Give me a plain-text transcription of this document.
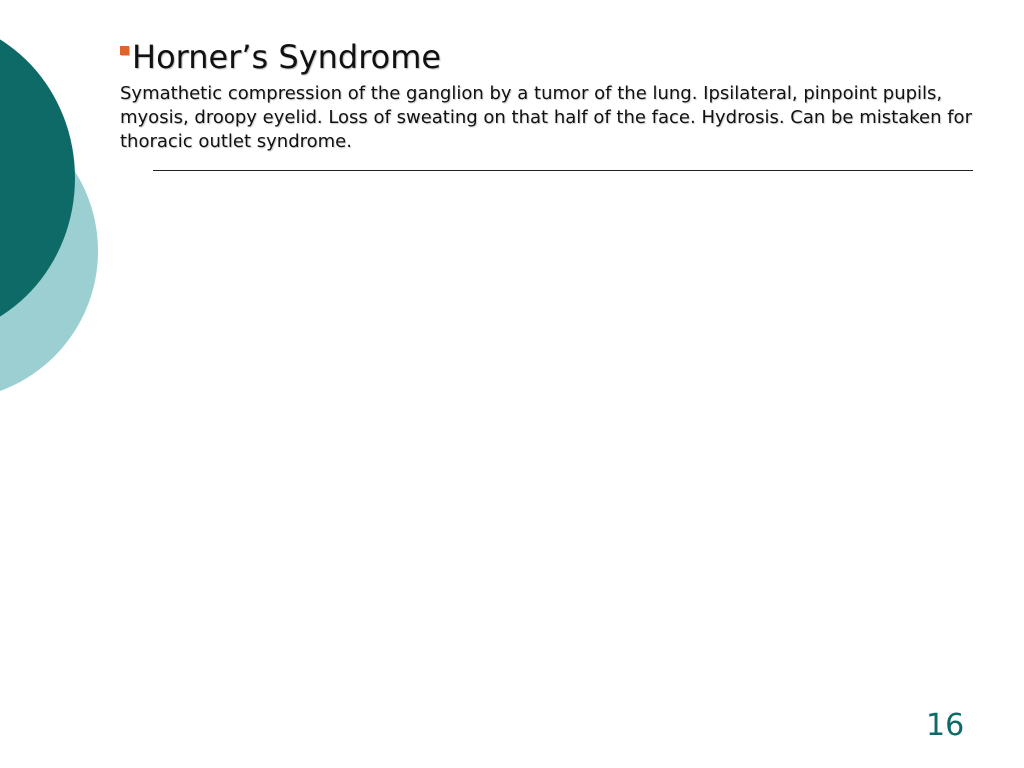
Horner’s Syndrome

Symathetic compression of the ganglion by a tumor of the lung. Ipsilateral, pinpoint pupils, myosis, droopy eyelid. Loss of sweating on that half of the face. Hydrosis. Can be mistaken for thoracic outlet syndrome.

16
